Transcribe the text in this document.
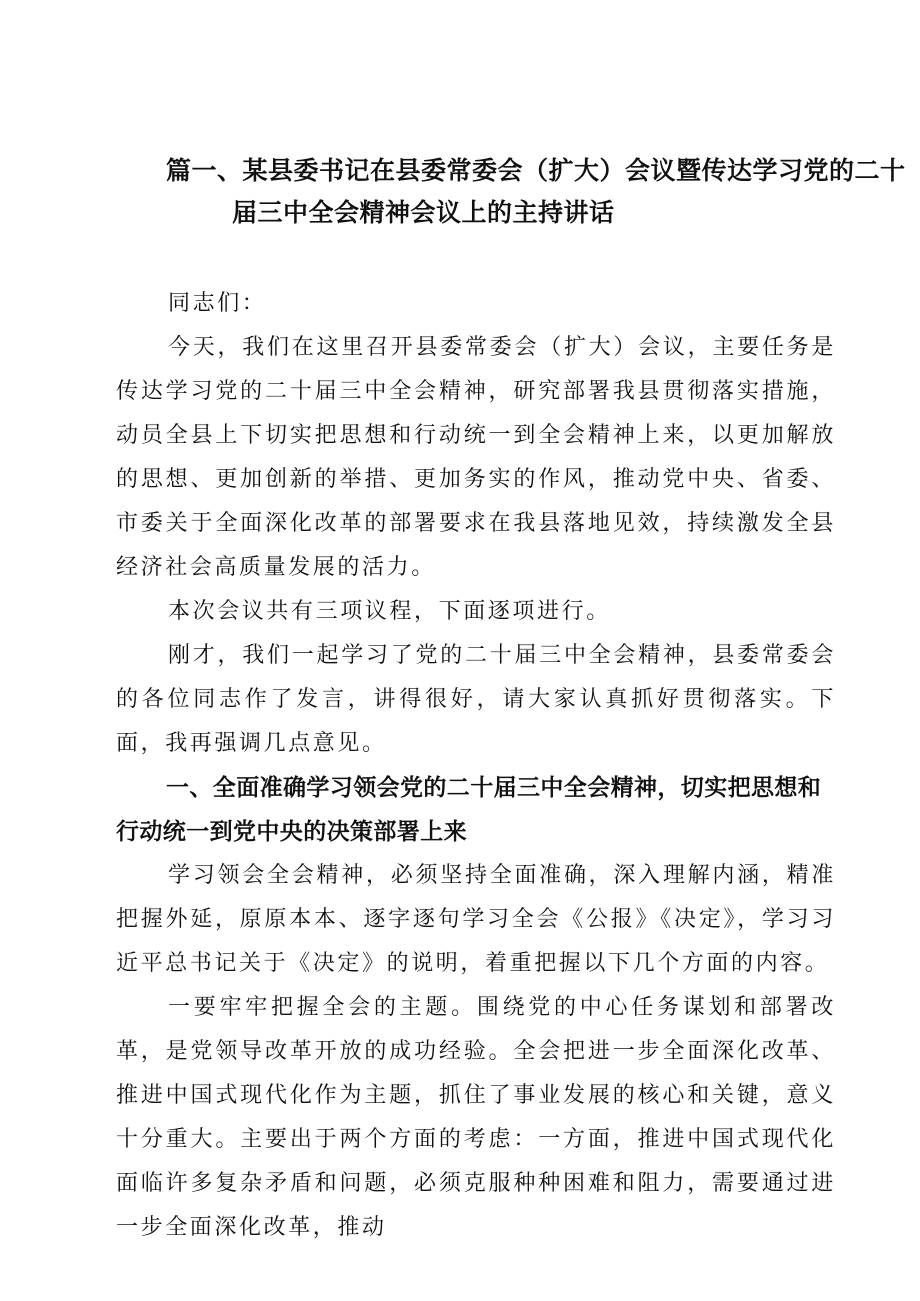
篇一、某县委书记在县委常委会（扩大）会议暨传达学习党的二十
届三中全会精神会议上的主持讲话

同志们：

今天，我们在这里召开县委常委会（扩大）会议，主要任务是传达学习党的二十届三中全会精神，研究部署我县贯彻落实措施，动员全县上下切实把思想和行动统一到全会精神上来，以更加解放的思想、更加创新的举措、更加务实的作风，推动党中央、省委、市委关于全面深化改革的部署要求在我县落地见效，持续激发全县经济社会高质量发展的活力。

本次会议共有三项议程，下面逐项进行。

刚才，我们一起学习了党的二十届三中全会精神，县委常委会的各位同志作了发言，讲得很好，请大家认真抓好贯彻落实。下面，我再强调几点意见。

一、全面准确学习领会党的二十届三中全会精神，切实把思想和行动统一到党中央的决策部署上来

学习领会全会精神，必须坚持全面准确，深入理解内涵，精准把握外延，原原本本、逐字逐句学习全会《公报》《决定》，学习习近平总书记关于《决定》的说明，着重把握以下几个方面的内容。

一要牢牢把握全会的主题。围绕党的中心任务谋划和部署改革，是党领导改革开放的成功经验。全会把进一步全面深化改革、推进中国式现代化作为主题，抓住了事业发展的核心和关键，意义十分重大。主要出于两个方面的考虑：一方面，推进中国式现代化面临许多复杂矛盾和问题，必须克服种种困难和阻力，需要通过进一步全面深化改革，推动
